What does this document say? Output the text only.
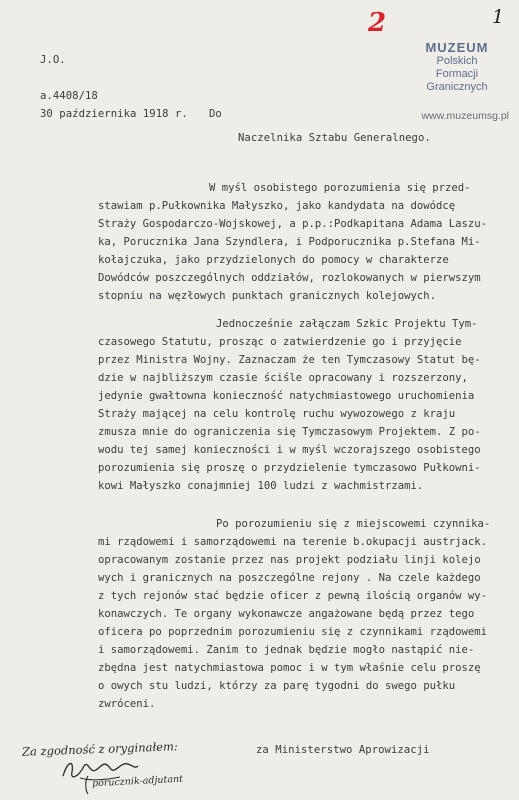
2	1
MUZEUM
Polskich
Formacji
Granicznych
www.muzeumsg.pl
J.O.
a.4408/18
30 października 1918 r. Do
Naczelnika Sztabu Generalnego.
W myśl osobistego porozumienia się przed-
stawiam p.Pułkownika Małyszko, jako kandydata na dowódcę
Straży Gospodarczo-Wojskowej, a p.p.:Podkapitana Adama Laszu-
ka, Porucznika Jana Szyndlera, i Podporucznika p.Stefana Mi-
kołajczuka, jako przydzielonych do pomocy w charakterze
Dowódców poszczególnych oddziałów, rozlokowanych w pierwszym
stopniu na węzłowych punktach granicznych kolejowych.
Jednocześnie załączam Szkic Projektu Tym-
czasowego Statutu, prosząc o zatwierdzenie go i przyjęcie
przez Ministra Wojny. Zaznaczam że ten Tymczasowy Statut bę-
dzie w najbliższym czasie ściśle opracowany i rozszerzony,
jedynie gwałtowna konieczność natychmiastowego uruchomienia
Straży mającej na celu kontrolę ruchu wywozowego z kraju
zmusza mnie do ograniczenia się Tymczasowym Projektem. Z po-
wodu tej samej konieczności i w myśl wczorajszego osobistego
porozumienia się proszę o przydzielenie tymczasowo Pułkowni-
kowi Małyszko conajmniej 100 ludzi z wachmistrzami.
Po porozumieniu się z miejscowemi czynnika-
mi rządowemi i samorządowemi na terenie b.okupacji austrjack.
opracowanym zostanie przez nas projekt podziału linji kolejo
wych i granicznych na poszczególne rejony . Na czele każdego
z tych rejonów stać będzie oficer z pewną ilością organów wy-
konawczych. Te organy wykonawcze angażowane będą przez tego
oficera po poprzednim porozumieniu się z czynnikami rządowemi
i samorządowemi. Zanim to jednak będzie mogło nastąpić nie-
zbędna jest natychmiastowa pomoc i w tym właśnie celu proszę
o owych stu ludzi, którzy za parę tygodni do swego pułku
zwróceni.
za Ministerstwo Aprowizacji
Za zgodność z oryginałem:
porucznik-adjutant
